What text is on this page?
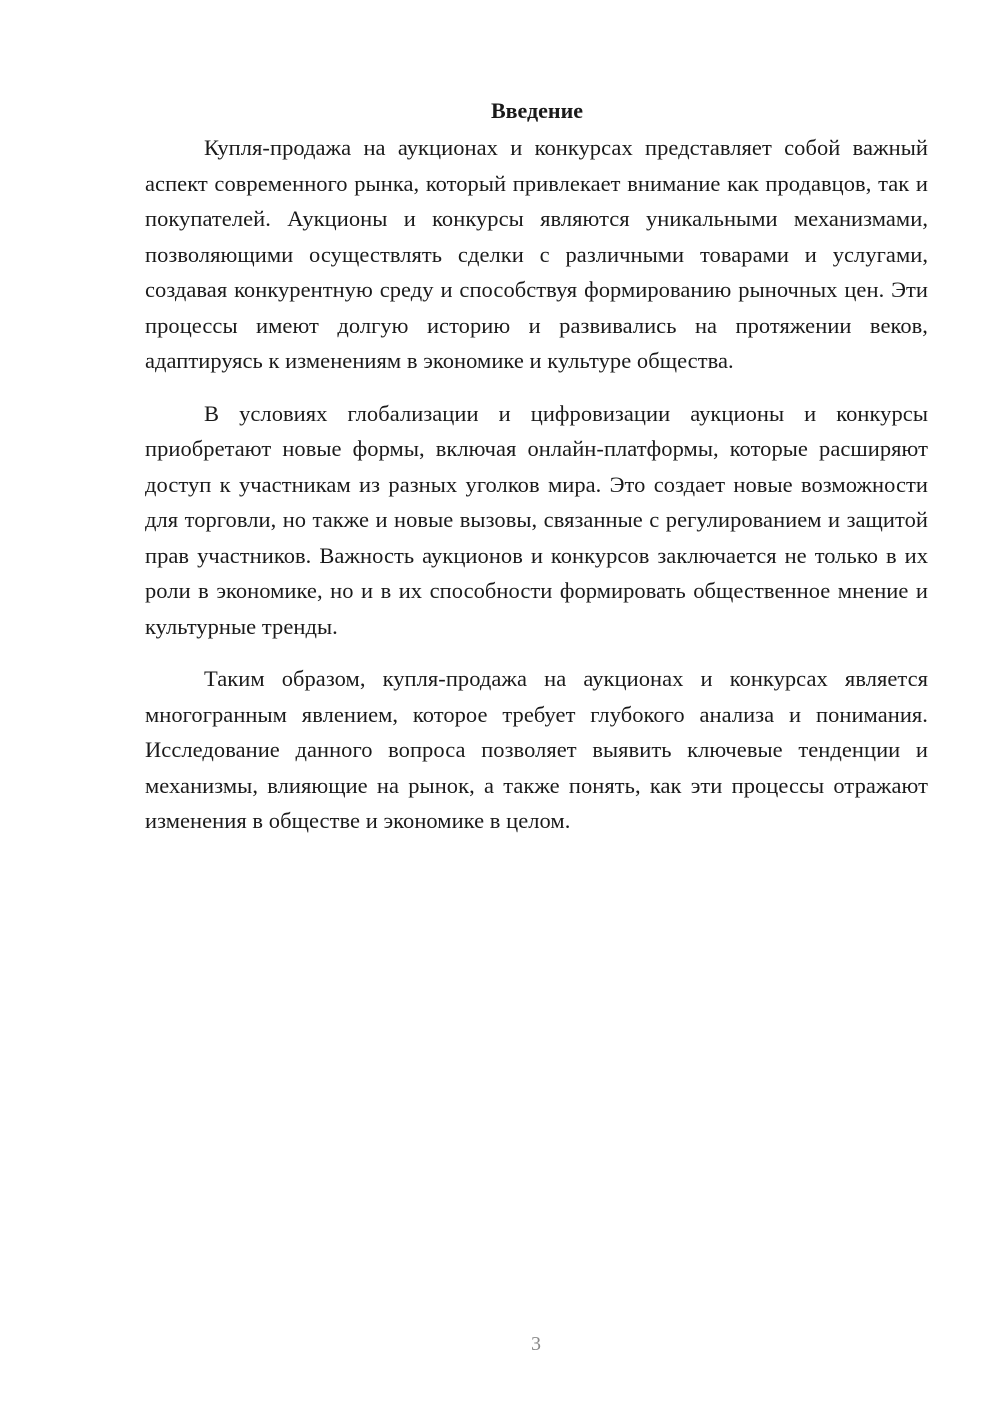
Введение

Купля-продажа на аукционах и конкурсах представляет собой важный аспект современного рынка, который привлекает внимание как продавцов, так и покупателей. Аукционы и конкурсы являются уникальными механизмами, позволяющими осуществлять сделки с различными товарами и услугами, создавая конкурентную среду и способствуя формированию рыночных цен. Эти процессы имеют долгую историю и развивались на протяжении веков, адаптируясь к изменениям в экономике и культуре общества.

В условиях глобализации и цифровизации аукционы и конкурсы приобретают новые формы, включая онлайн-платформы, которые расширяют доступ к участникам из разных уголков мира. Это создает новые возможности для торговли, но также и новые вызовы, связанные с регулированием и защитой прав участников. Важность аукционов и конкурсов заключается не только в их роли в экономике, но и в их способности формировать общественное мнение и культурные тренды.

Таким образом, купля-продажа на аукционах и конкурсах является многогранным явлением, которое требует глубокого анализа и понимания. Исследование данного вопроса позволяет выявить ключевые тенденции и механизмы, влияющие на рынок, а также понять, как эти процессы отражают изменения в обществе и экономике в целом.

3
